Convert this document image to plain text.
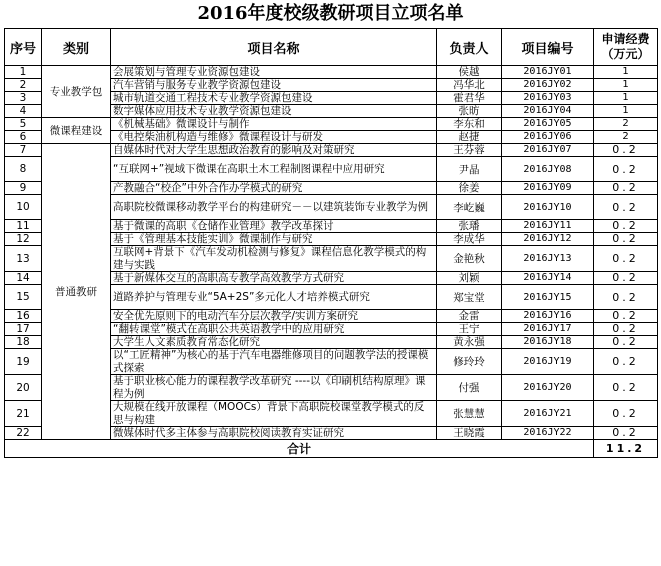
2016年度校级教研项目立项名单
序号	类别	项目名称	负责人	项目编号	申请经费（万元）
1	专业教学包	会展策划与管理专业资源包建设	侯越	2016JY01	1
2		汽车营销与服务专业教学资源包建设	冯华北	2016JY02	1
3		城市轨道交通工程技术专业教学资源包建设	霍君华	2016JY03	1
4		数字媒体应用技术专业教学资源包建设	张昉	2016JY04	1
5	微课程建设	《机械基础》微课设计与制作	李东和	2016JY05	2
6		《电控柴油机构造与维修》微课程设计与研发	赵捷	2016JY06	2
7	普通教研	自媒体时代对大学生思想政治教育的影响及对策研究	王芬蓉	2016JY07	0.2
8		“互联网+”视域下微课在高职土木工程制图课程中应用研究	尹晶	2016JY08	0.2
9		产教融合“校企”中外合作办学模式的研究	徐姜	2016JY09	0.2
10		高职院校微课移动教学平台的构建研究－－以建筑装饰专业教学为例	李屹巍	2016JY10	0.2
11		基于微课的高职《仓储作业管理》教学改革探讨	张璠	2016JY11	0.2
12		基于《管理基本技能实训》微课制作与研究	李成华	2016JY12	0.2
13		互联网+背景下《汽车发动机检测与修复》课程信息化教学模式的构建与实践	金艳秋	2016JY13	0.2
14		基于新媒体交互的高职高专教学高效教学方式研究	刘颖	2016JY14	0.2
15		道路养护与管理专业“5A+2S”多元化人才培养模式研究	郑宝堂	2016JY15	0.2
16		安全优先原则下的电动汽车分层次教学/实训方案研究	金雷	2016JY16	0.2
17		“翻转课堂”模式在高职公共英语教学中的应用研究	王宁	2016JY17	0.2
18		大学生人文素质教育常态化研究	黄永强	2016JY18	0.2
19		以“工匠精神”为核心的基于汽车电器维修项目的问题教学法的授课模式探索	修玲玲	2016JY19	0.2
20		基于职业核心能力的课程教学改革研究 ----以《印刷机结构原理》课程为例	付强	2016JY20	0.2
21		大规模在线开放课程（MOOCs）背景下高职院校课堂教学模式的反思与构建	张慧慧	2016JY21	0.2
22		微媒体时代多主体参与高职院校阅读教育实证研究	王晓霞	2016JY22	0.2
合计					11.2
